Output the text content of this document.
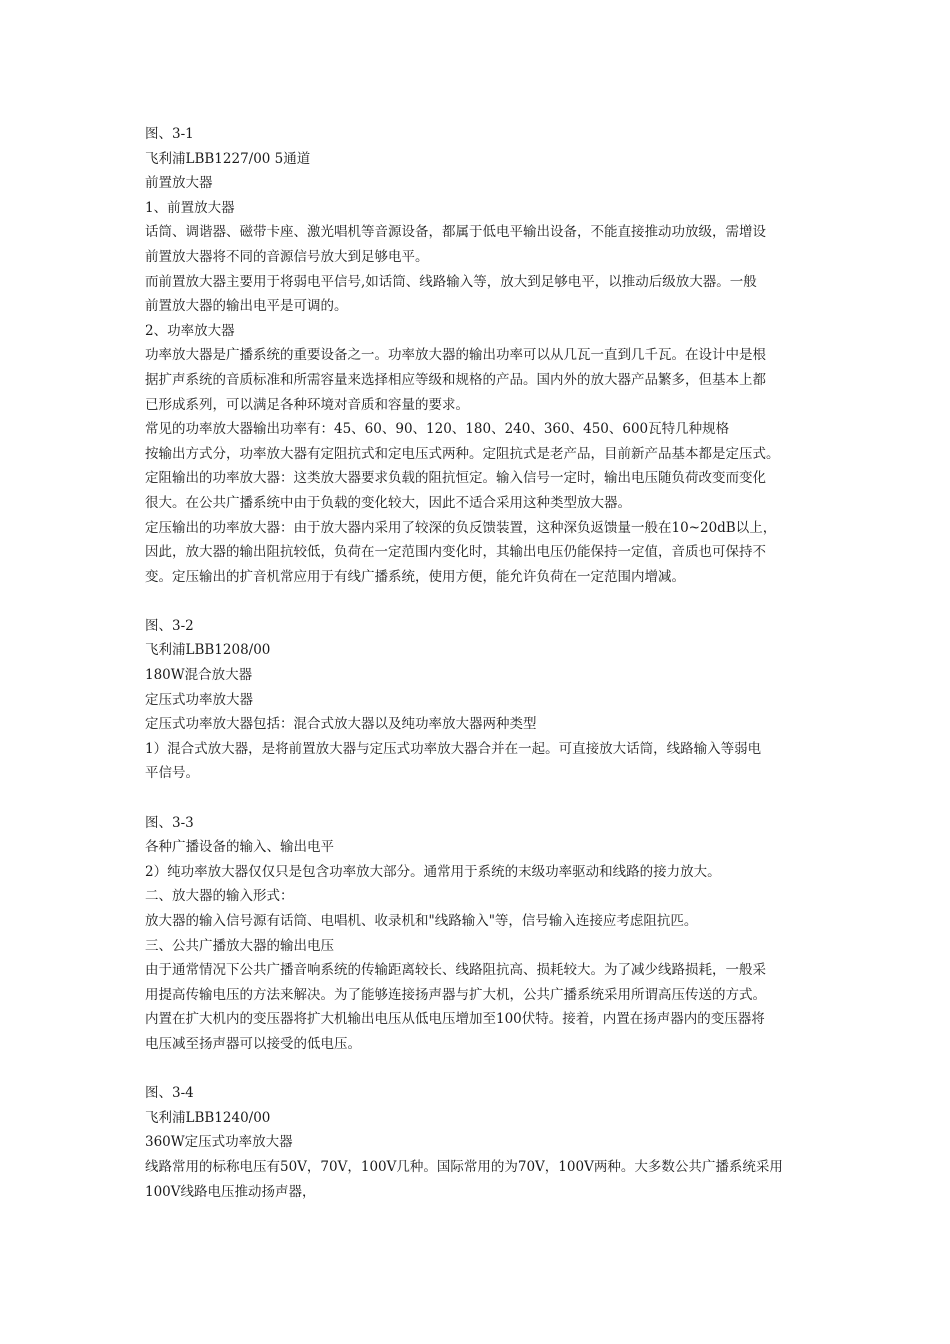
图、3-1
飞利浦LBB1227/00 5通道
前置放大器
1、前置放大器
话筒、调谐器、磁带卡座、激光唱机等音源设备，都属于低电平输出设备，不能直接推动功放级，需增设
前置放大器将不同的音源信号放大到足够电平。
而前置放大器主要用于将弱电平信号,如话筒、线路输入等，放大到足够电平，以推动后级放大器。一般
前置放大器的输出电平是可调的。
2、功率放大器
功率放大器是广播系统的重要设备之一。功率放大器的输出功率可以从几瓦一直到几千瓦。在设计中是根
据扩声系统的音质标准和所需容量来选择相应等级和规格的产品。国内外的放大器产品繁多，但基本上都
已形成系列，可以满足各种环境对音质和容量的要求。
常见的功率放大器输出功率有：45、60、90、120、180、240、360、450、600瓦特几种规格
按输出方式分，功率放大器有定阻抗式和定电压式两种。定阻抗式是老产品，目前新产品基本都是定压式。
定阻输出的功率放大器：这类放大器要求负载的阻抗恒定。输入信号一定时，输出电压随负荷改变而变化
很大。在公共广播系统中由于负载的变化较大，因此不适合采用这种类型放大器。
定压输出的功率放大器：由于放大器内采用了较深的负反馈装置，这种深负返馈量一般在10~20dB以上，
因此，放大器的输出阻抗较低，负荷在一定范围内变化时，其输出电压仍能保持一定值，音质也可保持不
变。定压输出的扩音机常应用于有线广播系统，使用方便，能允许负荷在一定范围内增减。
图、3-2
飞利浦LBB1208/00
180W混合放大器
定压式功率放大器
定压式功率放大器包括：混合式放大器以及纯功率放大器两种类型
1）混合式放大器，是将前置放大器与定压式功率放大器合并在一起。可直接放大话筒，线路输入等弱电
平信号。
图、3-3
各种广播设备的输入、输出电平
2）纯功率放大器仅仅只是包含功率放大部分。通常用于系统的末级功率驱动和线路的接力放大。
二、放大器的输入形式：
放大器的输入信号源有话筒、电唱机、收录机和"线路输入"等，信号输入连接应考虑阻抗匹。
三、公共广播放大器的输出电压
由于通常情况下公共广播音响系统的传输距离较长、线路阻抗高、损耗较大。为了减少线路损耗，一般采
用提高传输电压的方法来解决。为了能够连接扬声器与扩大机，公共广播系统采用所谓高压传送的方式。
内置在扩大机内的变压器将扩大机输出电压从低电压增加至100伏特。接着，内置在扬声器内的变压器将
电压减至扬声器可以接受的低电压。
图、3-4
飞利浦LBB1240/00
360W定压式功率放大器
线路常用的标称电压有50V，70V，100V几种。国际常用的为70V，100V两种。大多数公共广播系统采用
100V线路电压推动扬声器，
